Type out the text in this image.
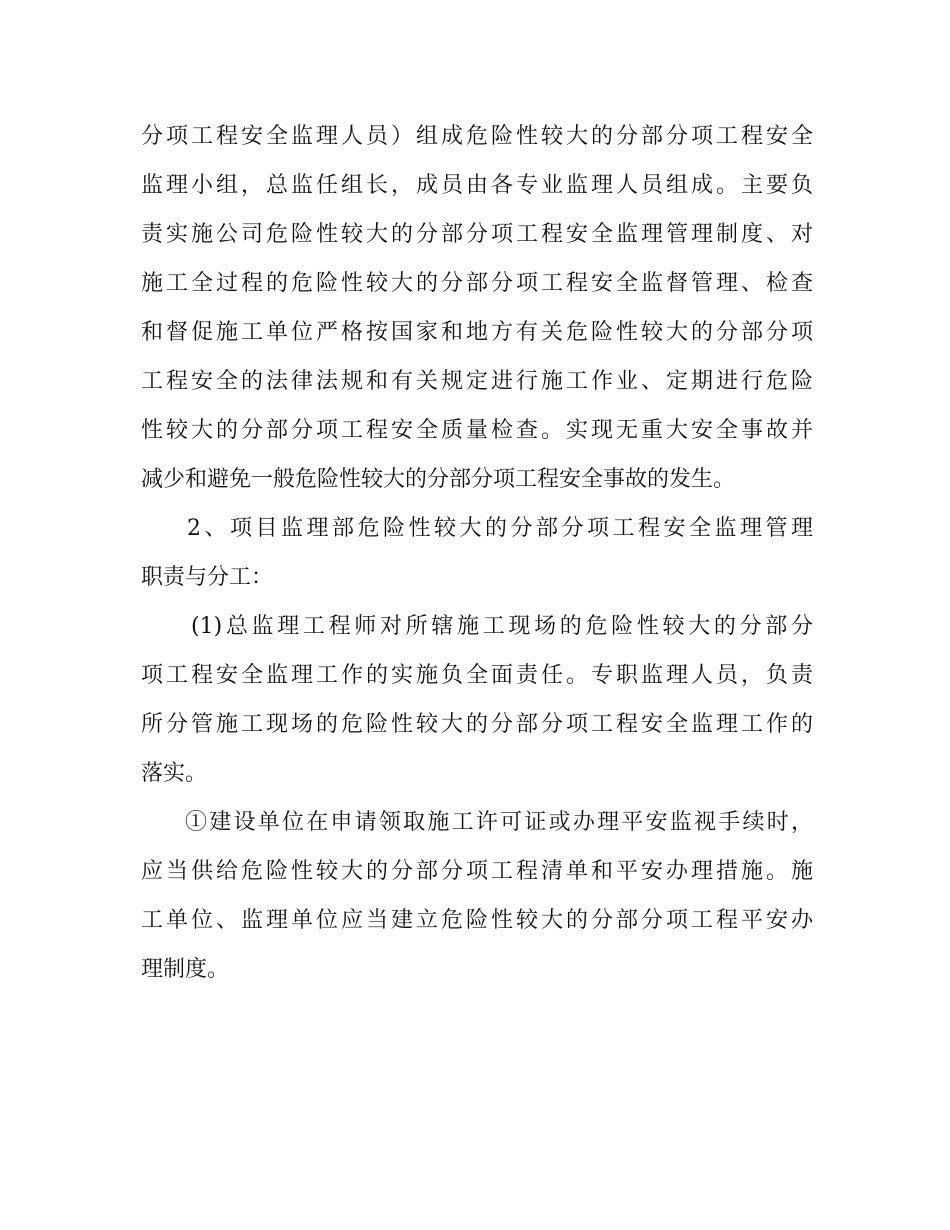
分项工程安全监理人员）组成危险性较大的分部分项工程安全
监理小组，总监任组长，成员由各专业监理人员组成。主要负
责实施公司危险性较大的分部分项工程安全监理管理制度、对
施工全过程的危险性较大的分部分项工程安全监督管理、检查
和督促施工单位严格按国家和地方有关危险性较大的分部分项
工程安全的法律法规和有关规定进行施工作业、定期进行危险
性较大的分部分项工程安全质量检查。实现无重大安全事故并
减少和避免一般危险性较大的分部分项工程安全事故的发生。
2、项目监理部危险性较大的分部分项工程安全监理管理
职责与分工：
(1)总监理工程师对所辖施工现场的危险性较大的分部分
项工程安全监理工作的实施负全面责任。专职监理人员，负责
所分管施工现场的危险性较大的分部分项工程安全监理工作的
落实。
①建设单位在申请领取施工许可证或办理平安监视手续时，
应当供给危险性较大的分部分项工程清单和平安办理措施。施
工单位、监理单位应当建立危险性较大的分部分项工程平安办
理制度。
